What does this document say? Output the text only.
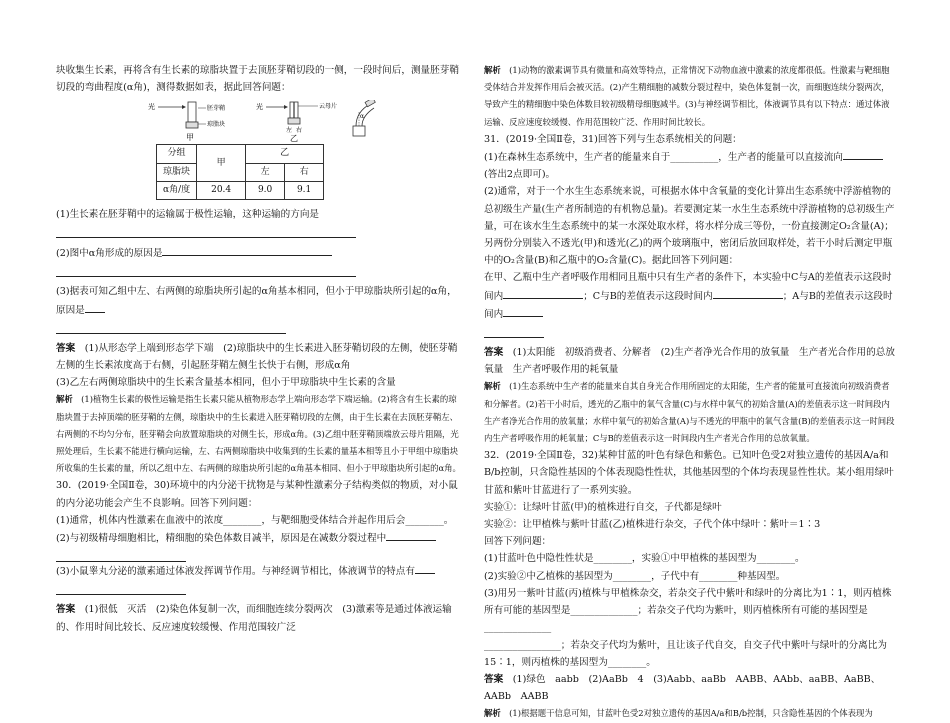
块收集生长素，再将含有生长素的琼脂块置于去顶胚芽鞘切段的一侧，一段时间后，测量胚芽鞘切段的弯曲程度(α角)，测得数据如表，据此回答问题：

光	胚芽鞘
琼脂块
甲
光	云母片
左 右
乙
α
分组	甲	乙	
琼脂块		左	右
α角/度	20.4	9.0	9.1

(1)生长素在胚芽鞘中的运输属于极性运输，这种运输的方向是

(2)图中α角形成的原因是

(3)据表可知乙组中左、右两侧的琼脂块所引起的α角基本相同，但小于甲琼脂块所引起的α角，原因是

答案　 (1)从形态学上端到形态学下端　(2)琼脂块中的生长素进入胚芽鞘切段的左侧，使胚芽鞘左侧的生长素浓度高于右侧，引起胚芽鞘左侧生长快于右侧，形成α角

(3)乙左右两侧琼脂块中的生长素含量基本相同，但小于甲琼脂块中生长素的含量

解析　 (1)植物生长素的极性运输是指生长素只能从植物形态学上端向形态学下端运输。(2)将含有生长素的琼脂块置于去掉顶端的胚芽鞘的左侧，琼脂块中的生长素进入胚芽鞘切段的左侧，由于生长素在去顶胚芽鞘左、右两侧的不均匀分布，胚芽鞘会向放置琼脂块的对侧生长，形成α角。(3)乙组中胚芽鞘顶端放云母片阻隔，光照处理后，生长素不能进行横向运输，左、右两侧琼脂块中收集到的生长素的量基本相等且小于甲组中琼脂块所收集的生长素的量，所以乙组中左、右两侧的琼脂块所引起的α角基本相同、但小于甲琼脂块所引起的α角。

30．(2019·全国Ⅱ卷，30)环境中的内分泌干扰物是与某种性激素分子结构类似的物质，对小鼠的内分泌功能会产生不良影响。回答下列问题：

(1)通常，机体内性激素在血液中的浓度________，与靶细胞受体结合并起作用后会________。

(2)与初级精母细胞相比，精细胞的染色体数目减半，原因是在减数分裂过程中

(3)小鼠睾丸分泌的激素通过体液发挥调节作用。与神经调节相比，体液调节的特点有

答案　 (1)很低　灭活　(2)染色体复制一次，而细胞连续分裂两次　(3)激素等是通过体液运输的、作用时间比较长、反应速度较缓慢、作用范围较广泛

解析　 (1)动物的激素调节具有微量和高效等特点，正常情况下动物血液中激素的浓度都很低。性激素与靶细胞受体结合并发挥作用后会被灭活。(2)产生精细胞的减数分裂过程中，染色体复制一次，而细胞连续分裂两次，导致产生的精细胞中染色体数目较初级精母细胞减半。(3)与神经调节相比，体液调节具有以下特点：通过体液运输、反应速度较缓慢、作用范围较广泛、作用时间比较长。

31．(2019·全国Ⅱ卷，31)回答下列与生态系统相关的问题：

(1)在森林生态系统中，生产者的能量来自于__________，生产者的能量可以直接流向

(答出2点即可)。

(2)通常，对于一个水生生态系统来说，可根据水体中含氧量的变化计算出生态系统中浮游植物的总初级生产量(生产者所制造的有机物总量)。若要测定某一水生生态系统中浮游植物的总初级生产量，可在该水生生态系统中的某一水深处取水样，将水样分成三等份，一份直接测定O₂含量(A)；另两份分别装入不透光(甲)和透光(乙)的两个玻璃瓶中，密闭后放回取样处，若干小时后测定甲瓶中的O₂含量(B)和乙瓶中的O₂含量(C)。据此回答下列问题：

在甲、乙瓶中生产者呼吸作用相同且瓶中只有生产者的条件下，本实验中C与A的差值表示这段时间内	；C与B的差值表示这段时间内	；A与B的差值表示这段时间内

答案　 (1)太阳能　初级消费者、分解者　(2)生产者净光合作用的放氧量　生产者光合作用的总放氧量　生产者呼吸作用的耗氧量

解析　 (1)生态系统中生产者的能量来自其自身光合作用所固定的太阳能，生产者的能量可直接流向初级消费者和分解者。(2)若干小时后，透光的乙瓶中的氧气含量(C)与水样中氧气的初始含量(A)的差值表示这一时间段内生产者净光合作用的放氧量；水样中氧气的初始含量(A)与不透光的甲瓶中的氧气含量(B)的差值表示这一时间段内生产者呼吸作用的耗氧量；C与B的差值表示这一时间段内生产者光合作用的总放氧量。

32．(2019·全国Ⅱ卷，32)某种甘蓝的叶色有绿色和紫色。已知叶色受2对独立遗传的基因A/a和B/b控制，只含隐性基因的个体表现隐性性状，其他基因型的个体均表现显性性状。某小组用绿叶甘蓝和紫叶甘蓝进行了一系列实验。

实验①：让绿叶甘蓝(甲)的植株进行自交，子代都是绿叶

实验②：让甲植株与紫叶甘蓝(乙)植株进行杂交，子代个体中绿叶∶紫叶＝1∶3

回答下列问题：

(1)甘蓝叶色中隐性性状是________，实验①中甲植株的基因型为________。

(2)实验②中乙植株的基因型为________，子代中有________种基因型。

(3)用另一紫叶甘蓝(丙)植株与甲植株杂交，若杂交子代中紫叶和绿叶的分离比为1∶1，则丙植株所有可能的基因型是______________；若杂交子代均为紫叶，则丙植株所有可能的基因型是______________

________________；若杂交子代均为紫叶，且让该子代自交，自交子代中紫叶与绿叶的分离比为15∶1，则丙植株的基因型为________。

答案　 (1)绿色　aabb　(2)AaBb　4　(3)Aabb、aaBb　AABB、AAbb、aaBB、AaBB、AABb　AABB

解析　 (1)根据题干信息可知，甘蓝叶色受2对独立遗传的基因A/a和B/b控制，只含隐性基因的个体表现为
